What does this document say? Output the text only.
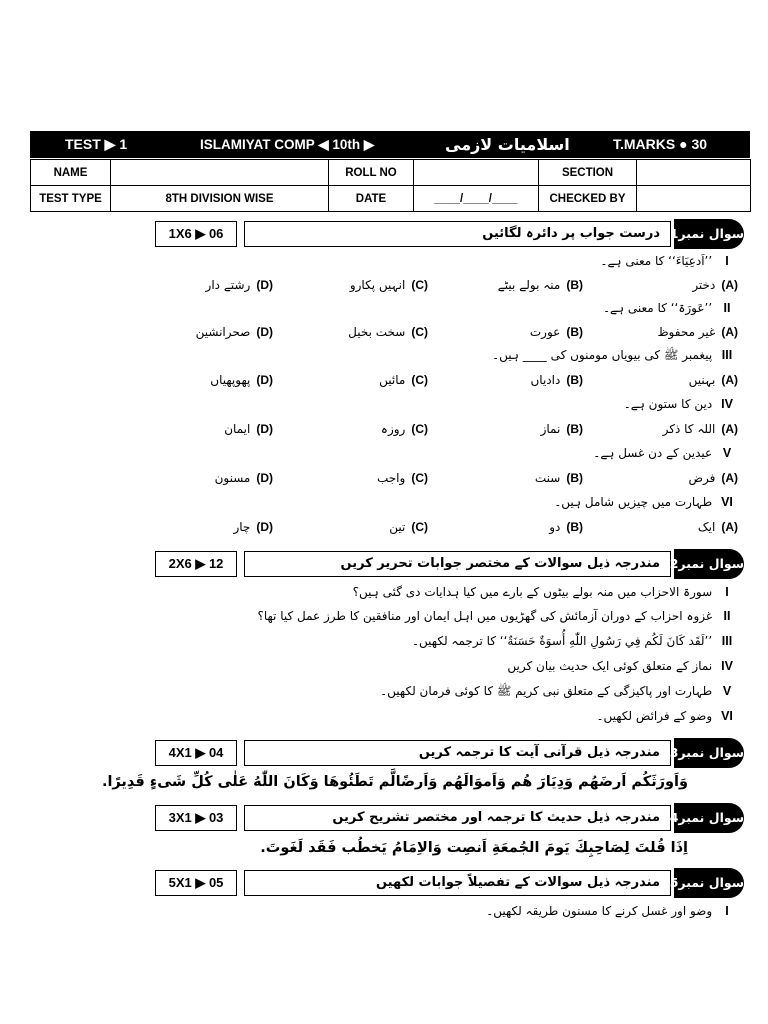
TEST ▶ 1	ISLAMIYAT COMP ◀ 10th ▶	اسلامیات لازمی	T.MARKS ● 30
NAME		ROLL NO		SECTION	
TEST TYPE	8TH DIVISION WISE	DATE	____/____/____	CHECKED BY	
1X6 ▶ 06	درست جواب پر دائرہ لگائیں سوال نمبر1)
I ’’اَدعِيَاءَ‘‘ کا معنی ہے۔
(A)دختر
(B)منہ بولے بیٹے
(C)انہیں پکارو
(D)رشتے دار
II ’’عَورَۃ‘‘ کا معنی ہے۔
(A)غیر محفوظ
(B)عورت
(C)سخت بخیل
(D)صحرانشین
III پیغمبر ﷺ کی بیویاں مومنوں کی ____ ہیں۔
(A)بہنیں
(B)دادیاں
(C)مائیں
(D)پھوپھیاں
IV دین کا ستون ہے۔
(A)اللہ کا ذکر
(B)نماز
(C)روزہ
(D)ایمان
V عیدین کے دن غسل ہے۔
(A)فرض
(B)سنت
(C)واجب
(D)مسنون
VI طہارت میں چیزیں شامل ہیں۔
(A)ایک
(B)دو
(C)تین
(D)چار
2X6 ▶ 12	مندرجہ ذیل سوالات کے مختصر جوابات تحریر کریں سوال نمبر2)
I سورۃ الاحزاب میں منہ بولے بیٹوں کے بارے میں کیا ہدایات دی گئی ہیں؟
II غزوہ احزاب کے دوران آزمائش کی گھڑیوں میں اہل ایمان اور منافقین کا طرز عمل کیا تھا؟
III ’’لَقَد كَانَ لَكُم فِي رَسُولِ اللّٰهِ أُسوَةٌ حَسَنَةٌ‘‘ کا ترجمہ لکھیں۔
IV نماز کے متعلق کوئی ایک حدیث بیان کریں
V طہارت اور پاکیزگی کے متعلق نبی کریم ﷺ کا کوئی فرمان لکھیں۔
VI وضو کے فرائض لکھیں۔
4X1 ▶ 04	مندرجہ ذیل قرآنی آیت کا ترجمہ کریں سوال نمبر3)
وَاَورَثَكُم اَرضَهُم وَدِيَارَ هُم وَاَموَالَهُم وَاَرضًالَّم تَطَئُوهَا وَكَانَ اللّٰهُ عَلٰى كُلِّ شَىءٍ قَدِيرًا.
3X1 ▶ 03	مندرجہ ذیل حدیث کا ترجمہ اور مختصر تشریح کریں سوال نمبر4)
اِذَا قُلتَ لِصَاحِبِكَ يَومَ الجُمعَةِ اَنصِت وَالاِمَامُ يَخطُب فَقَد لَغَوتَ.
5X1 ▶ 05	مندرجہ ذیل سوالات کے تفصیلاً جوابات لکھیں سوال نمبر5)
I وضو اور غسل کرنے کا مسنون طریقہ لکھیں۔
